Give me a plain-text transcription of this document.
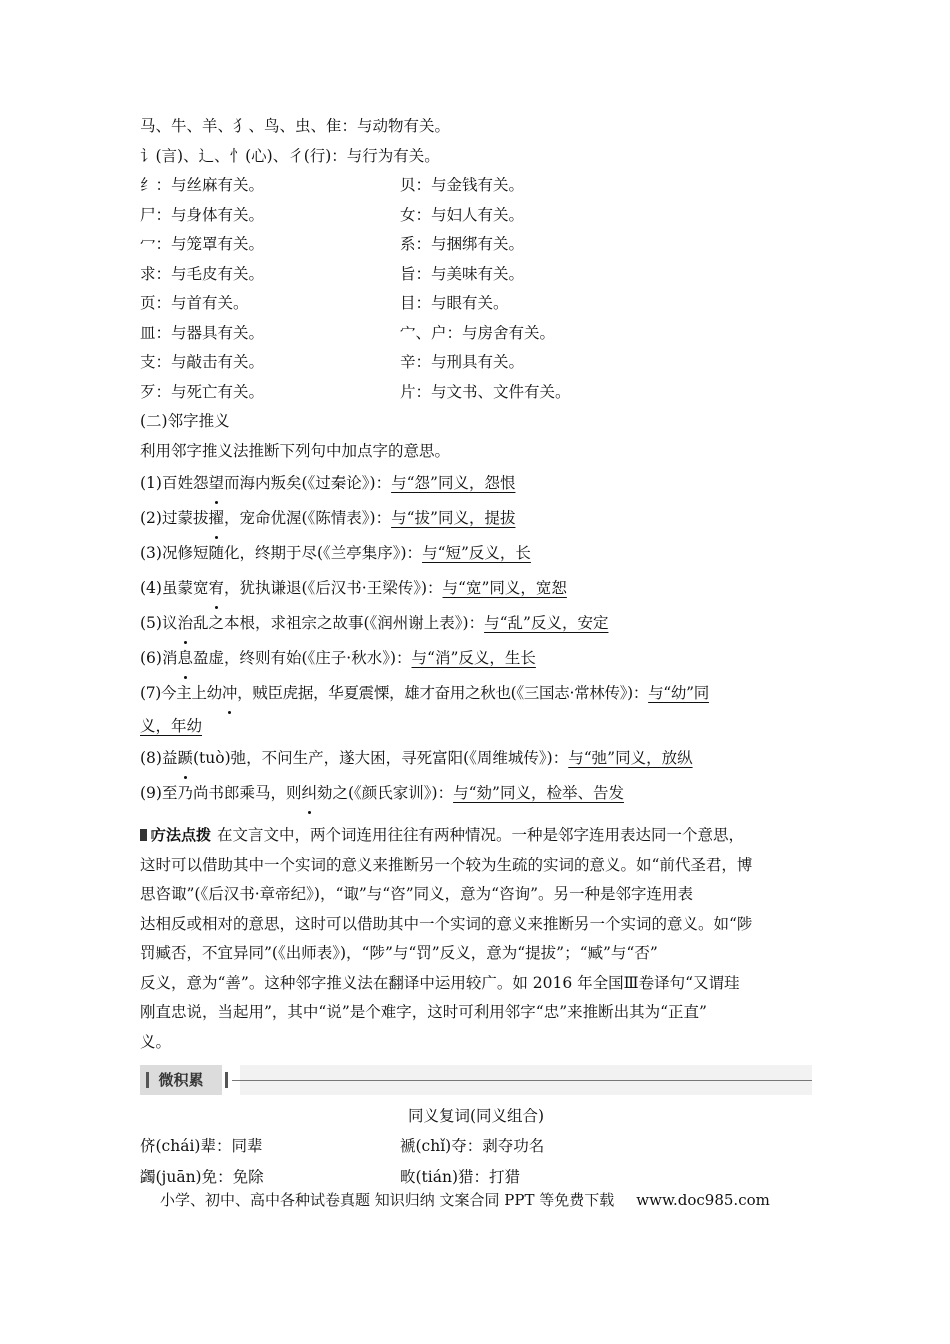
马、牛、羊、犭、鸟、虫、隹：与动物有关。
讠(言)、辶、忄(心)、彳(行)：与行为有关。
纟：与丝麻有关。	贝：与金钱有关。
尸：与身体有关。	女：与妇人有关。
冖：与笼罩有关。	系：与捆绑有关。
求：与毛皮有关。	旨：与美味有关。
页：与首有关。	目：与眼有关。
皿：与器具有关。	宀、户：与房舍有关。
支：与敲击有关。	辛：与刑具有关。
歹：与死亡有关。	片：与文书、文件有关。
(二)邻字推义
利用邻字推义法推断下列句中加点字的意思。
(1)百姓怨望而海内叛矣(《过秦论》)：与“怨”同义，怨恨
(2)过蒙拔擢，宠命优渥(《陈情表》)：与“拔”同义，提拔
(3)况修短随化，终期于尽(《兰亭集序》)：与“短”反义，长
(4)虽蒙宽宥，犹执谦退(《后汉书·王梁传》)：与“宽”同义，宽恕
(5)议治乱之本根，求祖宗之故事(《润州谢上表》)：与“乱”反义，安定
(6)消息盈虚，终则有始(《庄子·秋水》)：与“消”反义，生长
(7)今主上幼冲，贼臣虎据，华夏震慄，雄才奋用之秋也(《三国志·常林传》)：与“幼”同
义，年幼
(8)益踬(tuò)弛，不问生产，遂大困，寻死富阳(《周维城传》)：与“弛”同义，放纵
(9)至乃尚书郎乘马，则纠劾之(《颜氏家训》)：与“劾”同义，检举、告发
方法点拨 在文言文中，两个词连用往往有两种情况。一种是邻字连用表达同一个意思，
这时可以借助其中一个实词的意义来推断另一个较为生疏的实词的意义。如“前代圣君，博
思咨诹”(《后汉书·章帝纪》)，“诹”与“咨”同义，意为“咨询”。另一种是邻字连用表
达相反或相对的意思，这时可以借助其中一个实词的意义来推断另一个实词的意义。如“陟
罚臧否，不宜异同”(《出师表》)，“陟”与“罚”反义，意为“提拔”；“臧”与“否”
反义，意为“善”。这种邻字推义法在翻译中运用较广。如 2016 年全国Ⅲ卷译句“又谓珪
刚直忠说，当起用”，其中“说”是个难字，这时可利用邻字“忠”来推断出其为“正直”
义。
微积累
同义复词(同义组合)
侪(chái)辈：同辈	褫(chǐ)夺：剥夺功名
蠲(juān)免：免除	畋(tián)猎：打猎
小学、初中、高中各种试卷真题 知识归纳 文案合同 PPT 等免费下载 www.doc985.com
